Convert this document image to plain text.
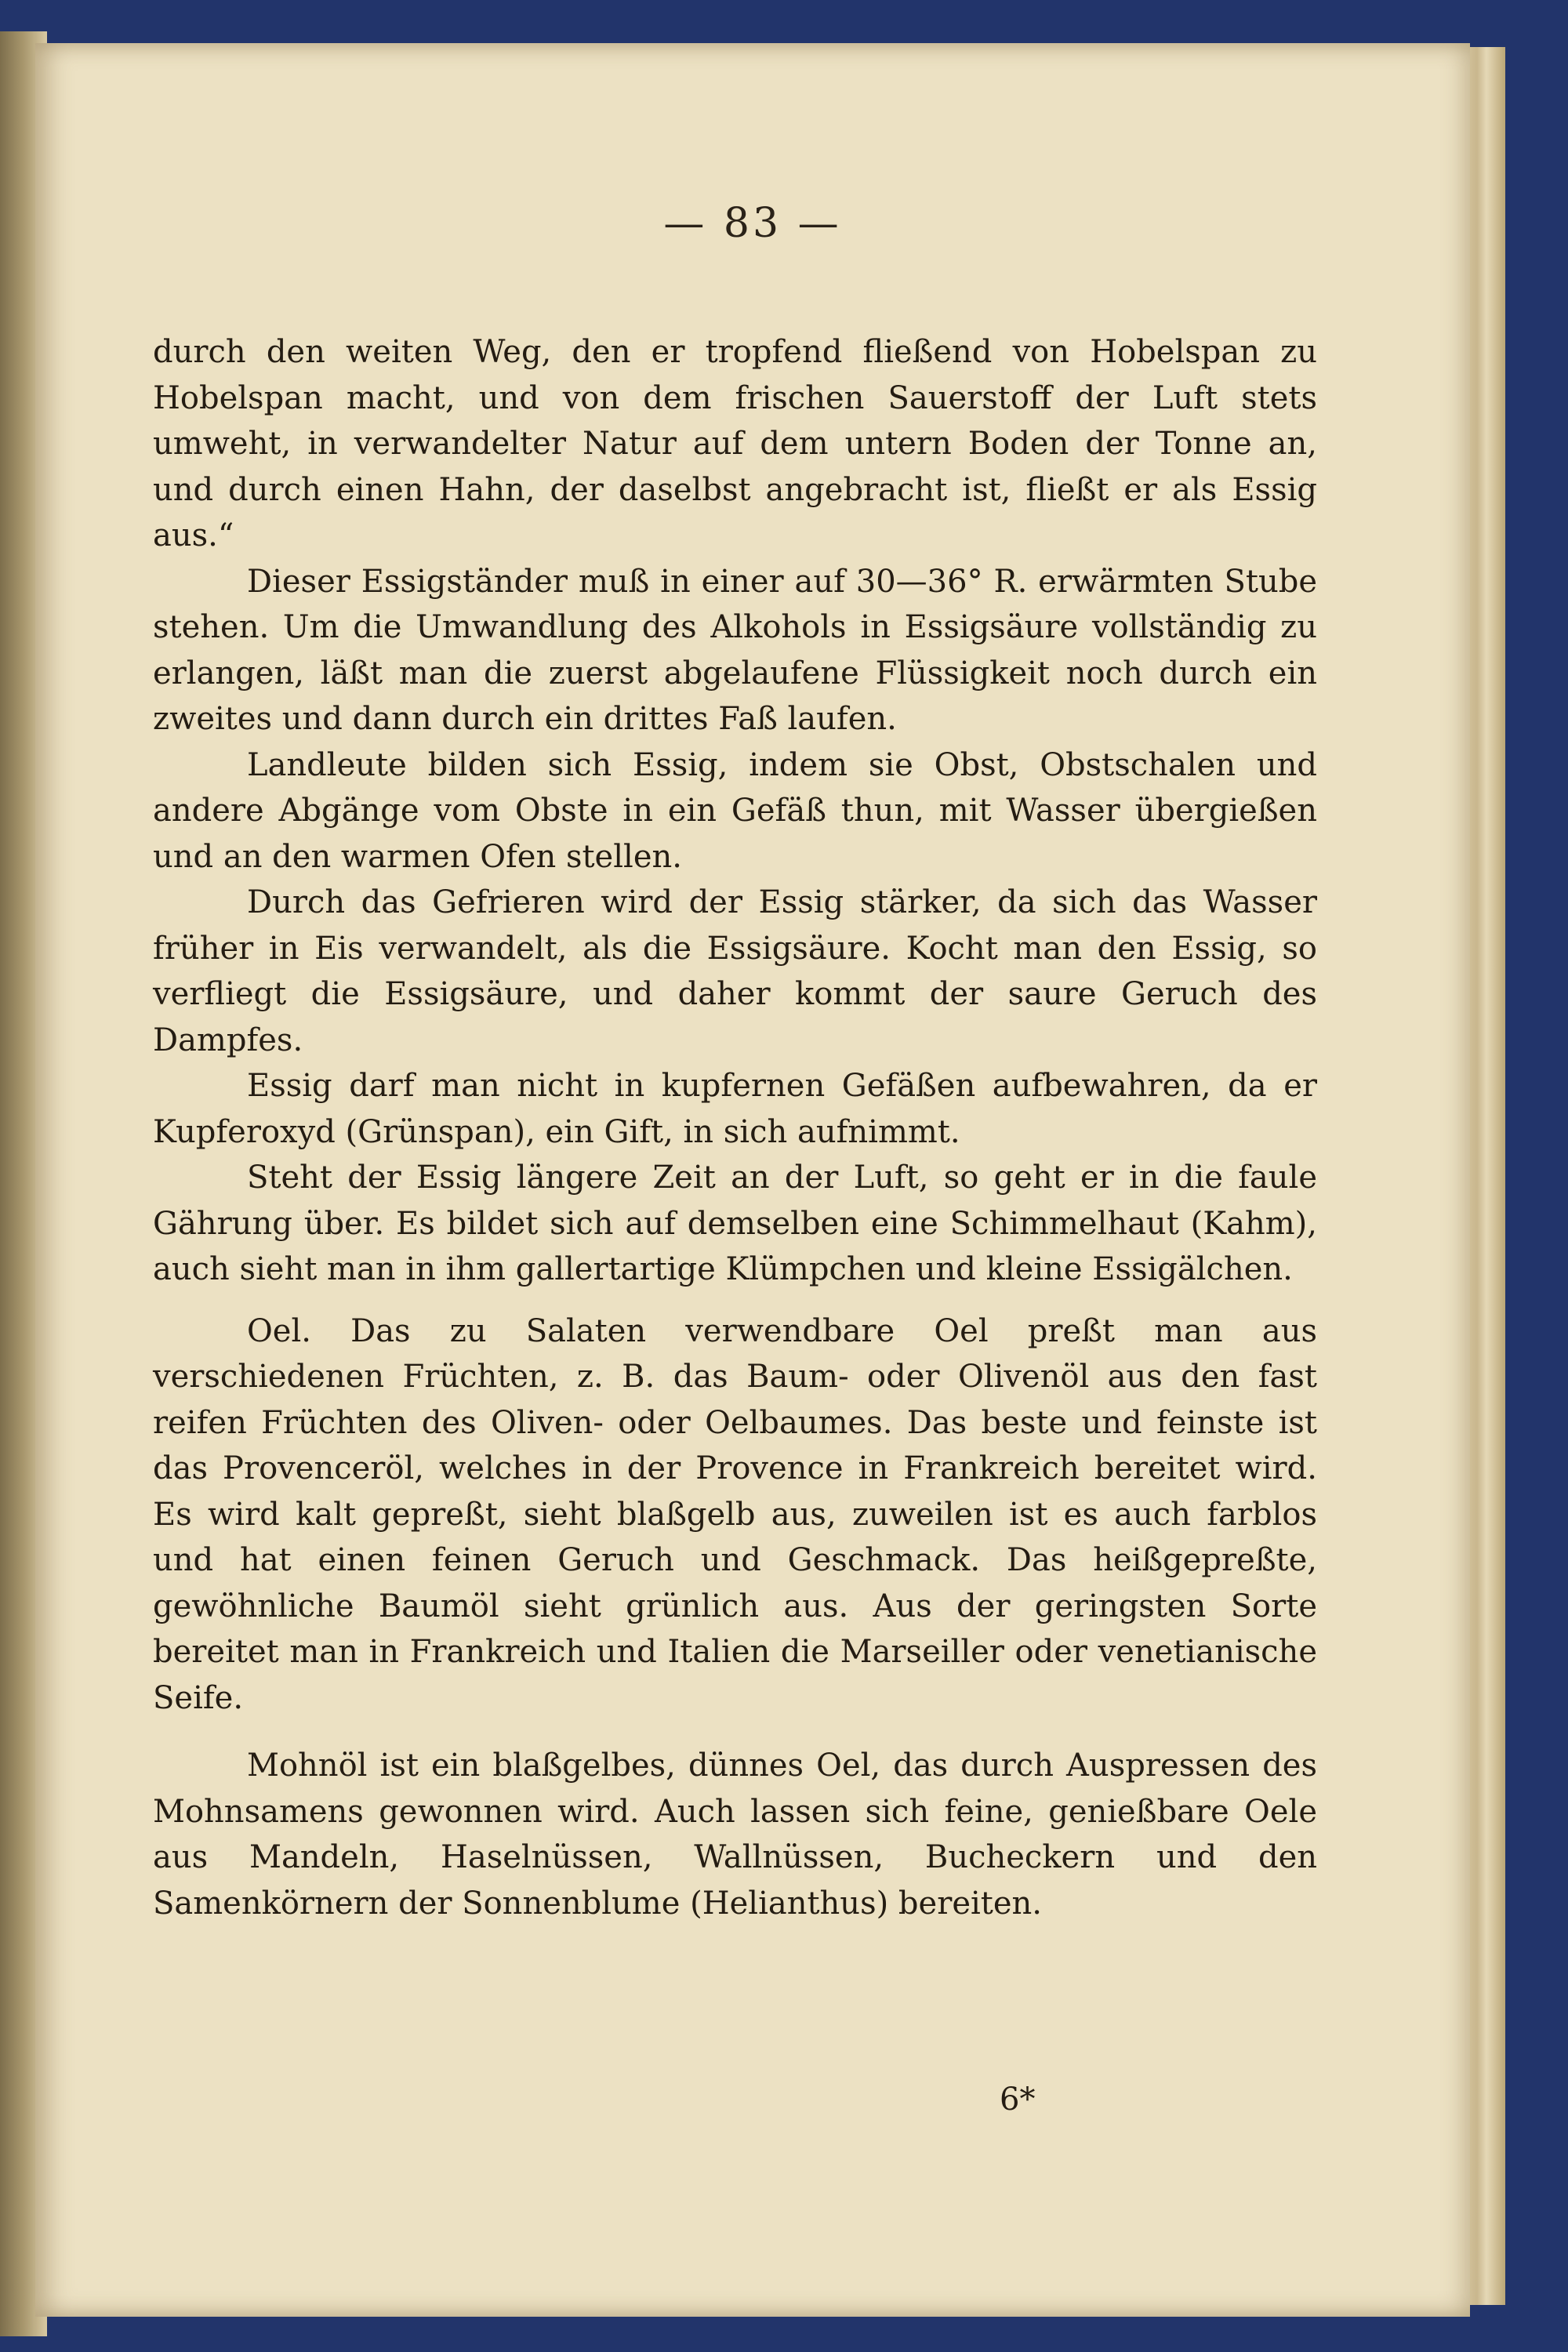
— 83 —

durch den weiten Weg, den er tropfend fließend von Hobelspan zu Hobelspan macht, und von dem frischen Sauerstoff der Luft stets umweht, in verwandelter Natur auf dem untern Boden der Tonne an, und durch einen Hahn, der daselbst angebracht ist, fließt er als Essig aus.“

Dieser Essigständer muß in einer auf 30—36° R. erwärmten Stube stehen. Um die Umwandlung des Alkohols in Essigsäure vollständig zu erlangen, läßt man die zuerst abgelaufene Flüssigkeit noch durch ein zweites und dann durch ein drittes Faß laufen.

Landleute bilden sich Essig, indem sie Obst, Obstschalen und andere Abgänge vom Obste in ein Gefäß thun, mit Wasser übergießen und an den warmen Ofen stellen.

Durch das Gefrieren wird der Essig stärker, da sich das Wasser früher in Eis verwandelt, als die Essigsäure. Kocht man den Essig, so verfliegt die Essigsäure, und daher kommt der saure Geruch des Dampfes.

Essig darf man nicht in kupfernen Gefäßen aufbewahren, da er Kupferoxyd (Grünspan), ein Gift, in sich aufnimmt.

Steht der Essig längere Zeit an der Luft, so geht er in die faule Gährung über. Es bildet sich auf demselben eine Schimmelhaut (Kahm), auch sieht man in ihm gallertartige Klümpchen und kleine Essigälchen.

Oel. Das zu Salaten verwendbare Oel preßt man aus verschiedenen Früchten, z. B. das Baum- oder Olivenöl aus den fast reifen Früchten des Oliven- oder Oelbaumes. Das beste und feinste ist das Provenceröl, welches in der Provence in Frankreich bereitet wird. Es wird kalt gepreßt, sieht blaßgelb aus, zuweilen ist es auch farblos und hat einen feinen Geruch und Geschmack. Das heißgepreßte, gewöhnliche Baumöl sieht grünlich aus. Aus der geringsten Sorte bereitet man in Frankreich und Italien die Marseiller oder venetianische Seife.

Mohnöl ist ein blaßgelbes, dünnes Oel, das durch Auspressen des Mohnsamens gewonnen wird. Auch lassen sich feine, genießbare Oele aus Mandeln, Haselnüssen, Wallnüssen, Bucheckern und den Samenkörnern der Sonnenblume (Helianthus) bereiten.

6*
